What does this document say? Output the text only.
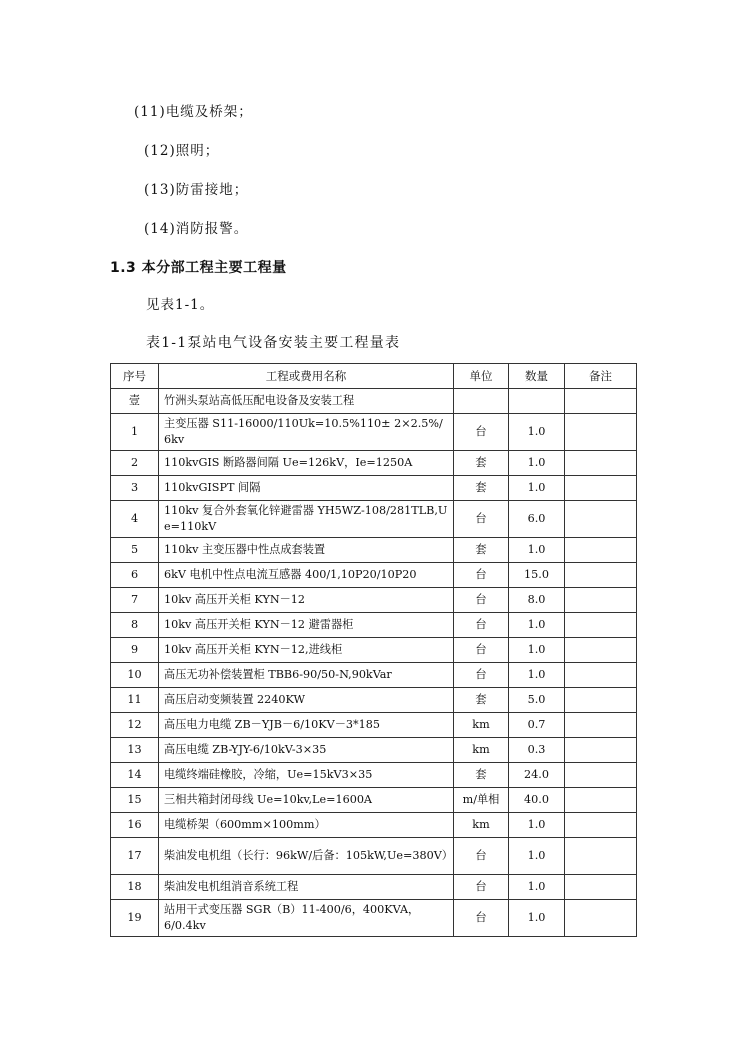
(11)电缆及桥架；
(12)照明；
(13)防雷接地；
(14)消防报警。
1.3 本分部工程主要工程量
见表1-1。
表1-1泵站电气设备安装主要工程量表
序号	工程或费用名称	单位	数量	备注
壹	竹洲头泵站高低压配电设备及安装工程			
1	主变压器 S11-16000/110Uk=10.5%110± 2×2.5%/6kv	台	1.0	
2	110kvGIS 断路器间隔 Ue=126kV，Ie=1250A	套	1.0	
3	110kvGISPT 间隔	套	1.0	
4	110kv 复合外套氧化锌避雷器 YH5WZ-108/281TLB,Ue=110kV	台	6.0	
5	110kv 主变压器中性点成套装置	套	1.0	
6	6kV 电机中性点电流互感器 400/1,10P20/10P20	台	15.0	
7	10kv 高压开关柜 KYN－12	台	8.0	
8	10kv 高压开关柜 KYN－12 避雷器柜	台	1.0	
9	10kv 高压开关柜 KYN－12,进线柜	台	1.0	
10	高压无功补偿装置柜 TBB6-90/50-N,90kVar	台	1.0	
11	高压启动变频装置 2240KW	套	5.0	
12	高压电力电缆 ZB－YJB－6/10KV－3*185	km	0.7	
13	高压电缆 ZB-YJY-6/10kV-3×35	km	0.3	
14	电缆终端硅橡胶，冷缩，Ue=15kV3×35	套	24.0	
15	三相共箱封闭母线 Ue=10kv,Le=1600A	m/单相	40.0	
16	电缆桥架（600mm×100mm）	km	1.0	
17	柴油发电机组（长行：96kW/后备：105kW,Ue=380V）	台	1.0	
18	柴油发电机组消音系统工程	台	1.0	
19	站用干式变压器 SGR（B）11-400/6，400KVA，6/0.4kv	台	1.0	
